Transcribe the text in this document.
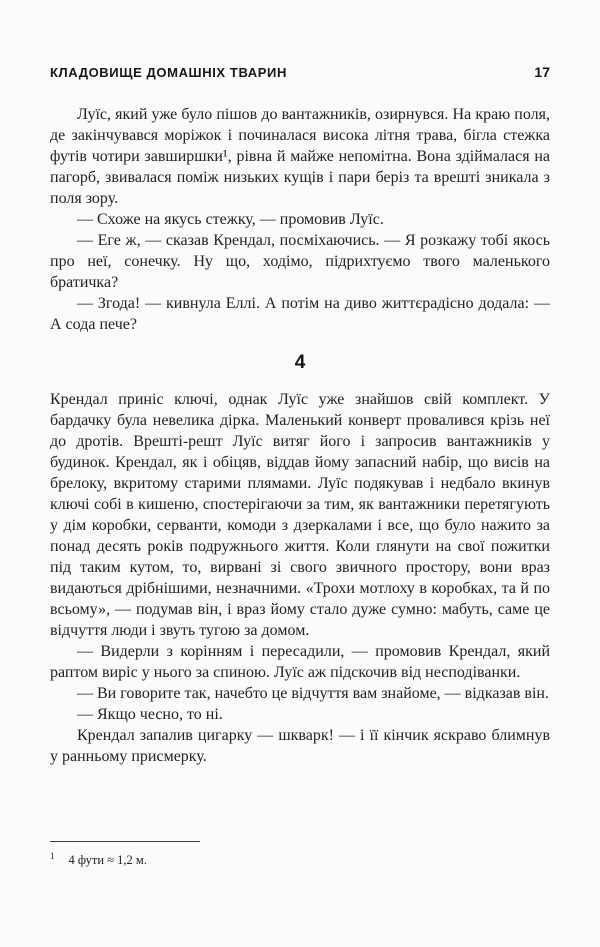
КЛАДОВИЩЕ ДОМАШНІХ ТВАРИН	17

Луїс, який уже було пішов до вантажників, озирнувся. На краю поля, де закінчувався моріжок і починалася висока літня трава, бігла стежка футів чотири завширшки¹, рівна й майже непомітна. Вона здіймалася на пагорб, звивалася поміж низьких кущів і пари беріз та врешті зникала з поля зору.

— Схоже на якусь стежку, — промовив Луїс.

— Еге ж, — сказав Крендал, посміхаючись. — Я розкажу тобі якось про неї, сонечку. Ну що, ходімо, підрихтуємо твого маленького братичка?

— Згода! — кивнула Еллі. А потім на диво життєрадісно додала: — А сода пече?

4

Крендал приніс ключі, однак Луїс уже знайшов свій комплект. У бардачку була невелика дірка. Маленький конверт провалився крізь неї до дротів. Врешті-решт Луїс витяг його і запросив вантажників у будинок. Крендал, як і обіцяв, віддав йому запасний набір, що висів на брелоку, вкритому старими плямами. Луїс подякував і недбало вкинув ключі собі в кишеню, спостерігаючи за тим, як вантажники перетягують у дім коробки, серванти, комоди з дзеркалами і все, що було нажито за понад десять років подружнього життя. Коли глянути на свої пожитки під таким кутом, то, вирвані зі свого звичного простору, вони враз видаються дрібнішими, незначними. «Трохи мотлоху в коробках, та й по всьому», — подумав він, і враз йому стало дуже сумно: мабуть, саме це відчуття люди і звуть тугою за домом.

— Видерли з корінням і пересадили, — промовив Крендал, який раптом виріс у нього за спиною. Луїс аж підскочив від несподіванки.

— Ви говорите так, начебто це відчуття вам знайоме, — відказав він.

— Якщо чесно, то ні.

Крендал запалив цигарку — шкварк! — і її кінчик яскраво блимнув у ранньому присмерку.

$^1$ 4 фути ≈ 1,2 м.
